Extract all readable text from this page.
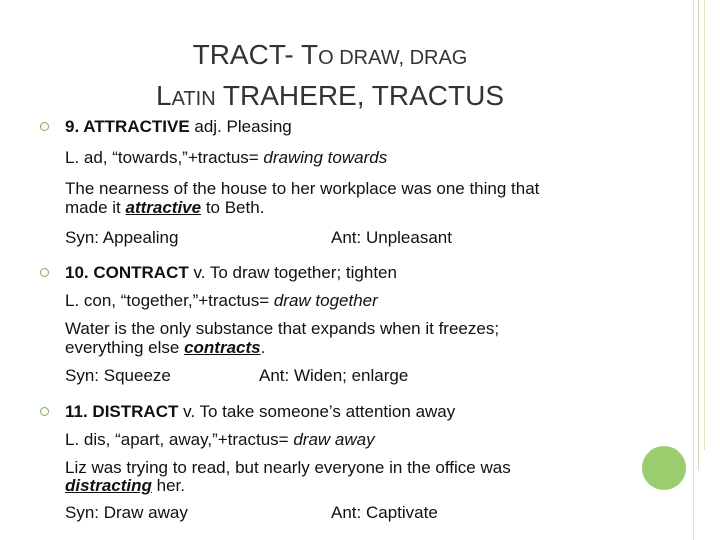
TRACT- TO DRAW, DRAG
LATIN TRAHERE, TRACTUS
9. ATTRACTIVE adj. Pleasing
L. ad, “towards,”+tractus= drawing towards
The nearness of the house to her workplace was one thing that
made it attractive to Beth.
Syn: Appealing	Ant: Unpleasant
10. CONTRACT v. To draw together; tighten
L. con, “together,”+tractus= draw together
Water is the only substance that expands when it freezes;
everything else contracts.
Syn: Squeeze	Ant: Widen; enlarge
11. DISTRACT v. To take someone’s attention away
L. dis, “apart, away,”+tractus= draw away
Liz was trying to read, but nearly everyone in the office was
distracting her.
Syn: Draw away	Ant: Captivate
